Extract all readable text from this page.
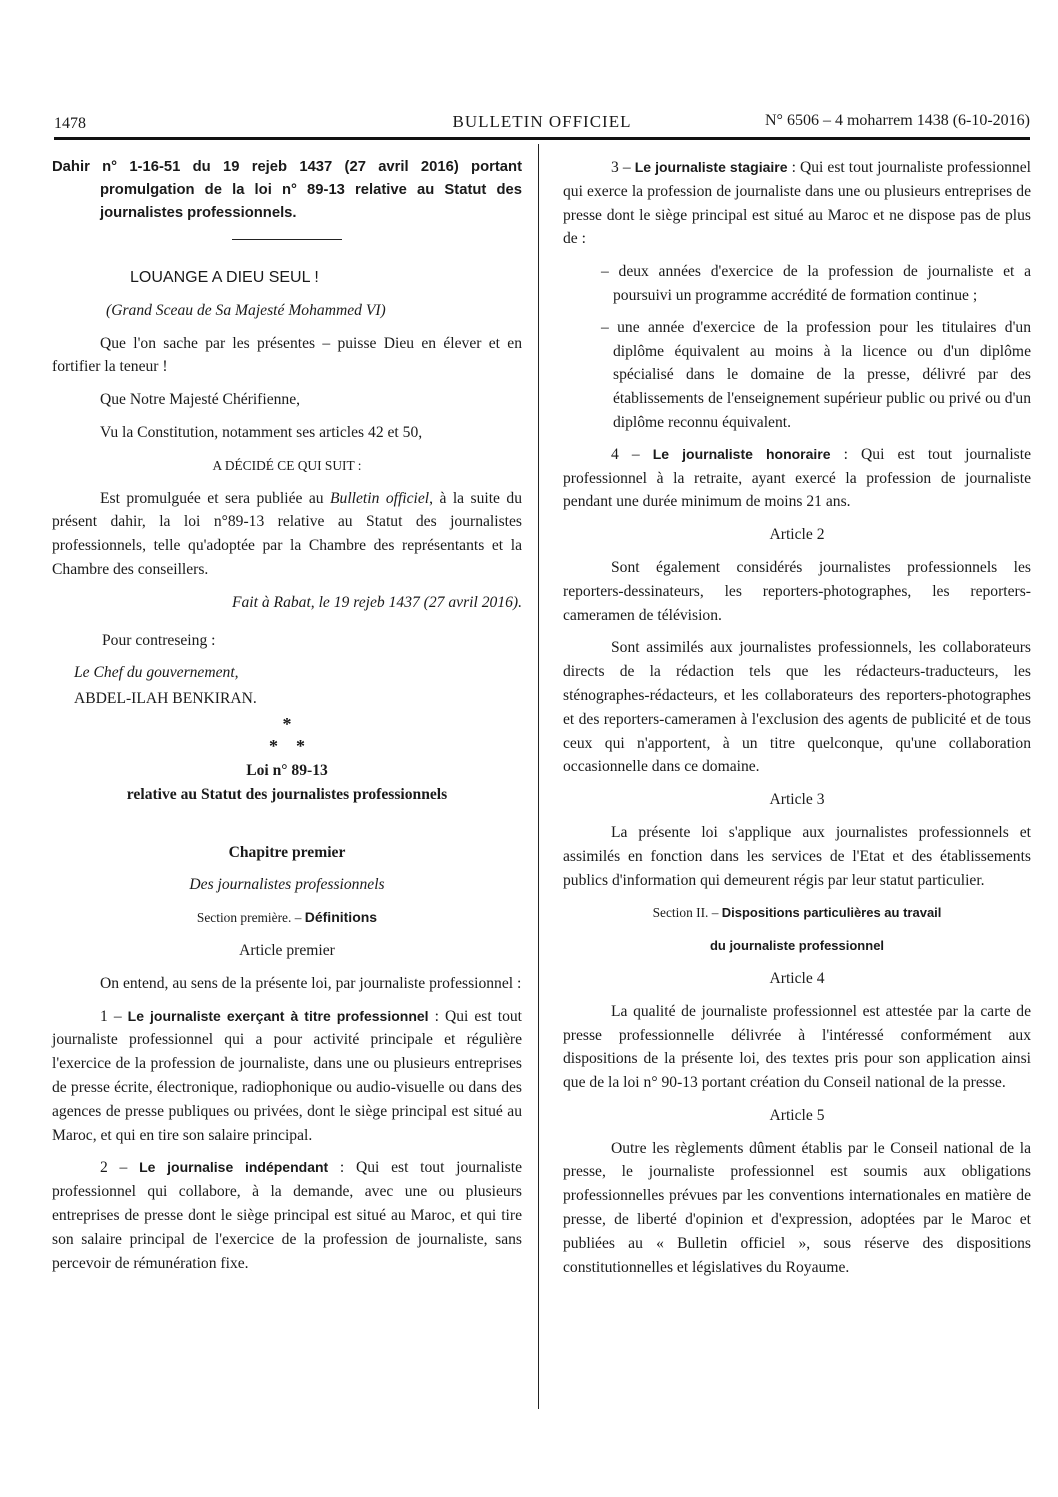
1478	BULLETIN OFFICIEL	N° 6506 – 4 moharrem 1438 (6-10-2016)

Dahir n° 1-16-51 du 19 rejeb 1437 (27 avril 2016) portant promulgation de la loi n° 89-13 relative au Statut des journalistes professionnels.

LOUANGE A DIEU SEUL !

(Grand Sceau de Sa Majesté Mohammed VI)

Que l'on sache par les présentes – puisse Dieu en élever et en fortifier la teneur !

Que Notre Majesté Chérifienne,

Vu la Constitution, notamment ses articles 42 et 50,

A DÉCIDÉ CE QUI SUIT :

Est promulguée et sera publiée au Bulletin officiel, à la suite du présent dahir, la loi n°89-13 relative au Statut des journalistes professionnels, telle qu'adoptée par la Chambre des représentants et la Chambre des conseillers.

Fait à Rabat, le 19 rejeb 1437 (27 avril 2016).

Pour contreseing :

Le Chef du gouvernement,

ABDEL-ILAH BENKIRAN.

*
*    *

Loi n° 89-13

relative au Statut des journalistes professionnels

Chapitre premier

Des journalistes professionnels

Section première. – Définitions

Article premier

On entend, au sens de la présente loi, par journaliste professionnel :

1 – Le journaliste exerçant à titre professionnel : Qui est tout journaliste professionnel qui a pour activité principale et régulière l'exercice de la profession de journaliste, dans une ou plusieurs entreprises de presse écrite, électronique, radiophonique ou audio-visuelle ou dans des agences de presse publiques ou privées, dont le siège principal est situé au Maroc, et qui en tire son salaire principal.

2 – Le journalise indépendant : Qui est tout journaliste professionnel qui collabore, à la demande, avec une ou plusieurs entreprises de presse dont le siège principal est situé au Maroc, et qui tire son salaire principal de l'exercice de la profession de journaliste, sans percevoir de rémunération fixe.

3 – Le journaliste stagiaire : Qui est tout journaliste professionnel qui exerce la profession de journaliste dans une ou plusieurs entreprises de presse dont le siège principal est situé au Maroc et ne dispose pas de plus de :

– deux années d'exercice de la profession de journaliste et a poursuivi un programme accrédité de formation continue ;

– une année d'exercice de la profession pour les titulaires d'un diplôme équivalent au moins à la licence ou d'un diplôme spécialisé dans le domaine de la presse, délivré par des établissements de l'enseignement supérieur public ou privé ou d'un diplôme reconnu équivalent.

4 – Le journaliste honoraire : Qui est tout journaliste professionnel à la retraite, ayant exercé la profession de journaliste pendant une durée minimum de moins 21 ans.

Article 2

Sont également considérés journalistes professionnels les reporters-dessinateurs, les reporters-photographes, les reporters-cameramen de télévision.

Sont assimilés aux journalistes professionnels, les collaborateurs directs de la rédaction tels que les rédacteurs-traducteurs, les sténographes-rédacteurs, et les collaborateurs des reporters-photographes et des reporters-cameramen à l'exclusion des agents de publicité et de tous ceux qui n'apportent, à un titre quelconque, qu'une collaboration occasionnelle dans ce domaine.

Article 3

La présente loi s'applique aux journalistes professionnels et assimilés en fonction dans les services de l'Etat et des établissements publics d'information qui demeurent régis par leur statut particulier.

Section II. – Dispositions particulières au travail

du journaliste professionnel

Article 4

La qualité de journaliste professionnel est attestée par la carte de presse professionnelle délivrée à l'intéressé conformément aux dispositions de la présente loi, des textes pris pour son application ainsi que de la loi n° 90-13 portant création du Conseil national de la presse.

Article 5

Outre les règlements dûment établis par le Conseil national de la presse, le journaliste professionnel est soumis aux obligations professionnelles prévues par les conventions internationales en matière de presse, de liberté d'opinion et d'expression, adoptées par le Maroc et publiées au « Bulletin officiel », sous réserve des dispositions constitutionnelles et législatives du Royaume.
